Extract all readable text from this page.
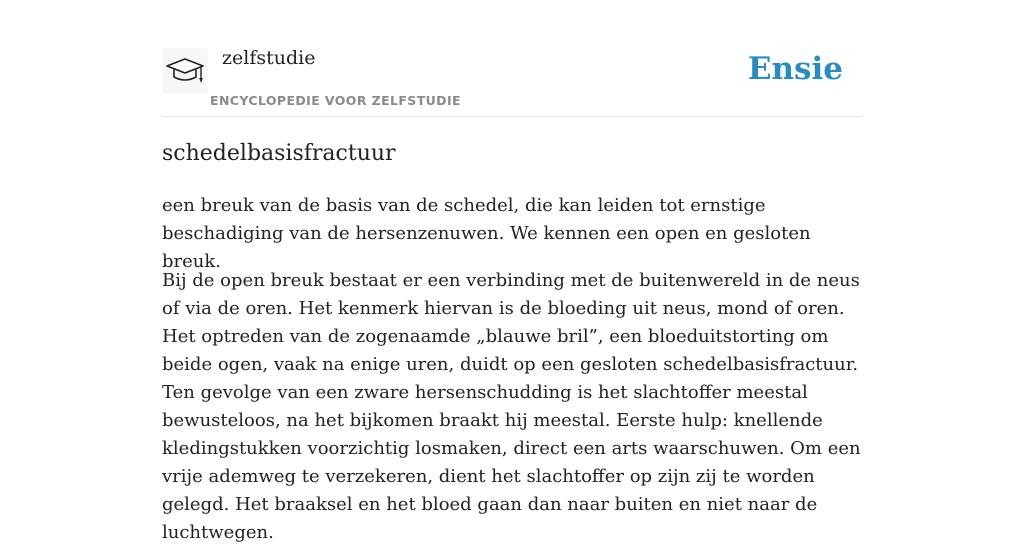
zelfstudie
ENCYCLOPEDIE VOOR ZELFSTUDIE
Ensie
schedelbasisfractuur

een breuk van de basis van de schedel, die kan leiden tot ernstige beschadiging van de hersenzenuwen. We kennen een open en gesloten breuk.

Bij de open breuk bestaat er een verbinding met de buitenwereld in de neus of via de oren. Het kenmerk hiervan is de bloeding uit neus, mond of oren. Het optreden van de zogenaamde „blauwe bril”, een bloeduitstorting om beide ogen, vaak na enige uren, duidt op een gesloten schedelbasisfractuur. Ten gevolge van een zware hersenschudding is het slachtoffer meestal bewusteloos, na het bijkomen braakt hij meestal. Eerste hulp: knellende kledingstukken voorzichtig losmaken, direct een arts waarschuwen. Om een vrije ademweg te verzekeren, dient het slachtoffer op zijn zij te worden gelegd. Het braaksel en het bloed gaan dan naar buiten en niet naar de luchtwegen.
